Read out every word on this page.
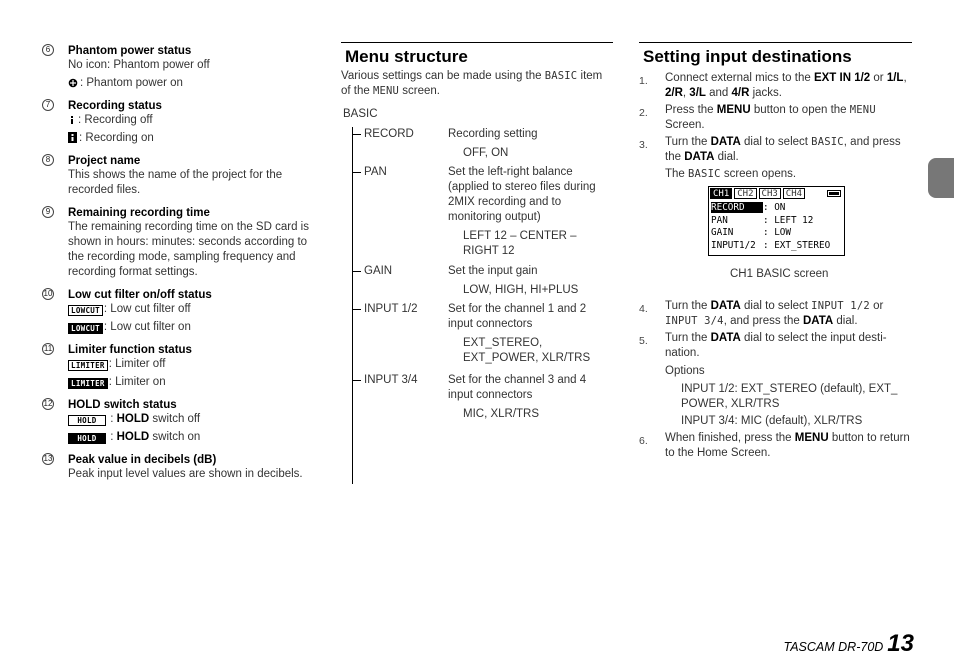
6	Phantom power status
No icon: Phantom power off
: Phantom power on
7	Recording status
: Recording off
: Recording on
8	Project name
This shows the name of the project for the recorded files.
9	Remaining recording time
The remaining recording time on the SD card is shown in hours: minutes: seconds according to the recording mode, sampling frequency and recording format settings.
10 Low cut filter on/off status
LOWCUT : Low cut filter off
LOWCUT : Low cut filter on
11 Limiter function status
LIMITER : Limiter off
LIMITER : Limiter on
12 HOLD switch status
HOLD : HOLD switch off
HOLD : HOLD switch on
13 Peak value in decibels (dB)
Peak input level values are shown in decibels.
Menu structure

Various settings can be made using the BASIC item of the MENU screen.

BASIC
RECORD	Recording setting
OFF, ON
PAN	Set the left-right balance (applied to stereo files during 2MIX recording and to monitoring output)
LEFT 12 – CENTER – RIGHT 12
GAIN	Set the input gain
LOW, HIGH, HI+PLUS
INPUT 1/2	Set for the channel 1 and 2 input connectors
EXT_STEREO, EXT_POWER, XLR/TRS
INPUT 3/4	Set for the channel 3 and 4 input connectors
MIC, XLR/TRS
Setting input destinations
1. Connect external mics to the EXT IN 1/2 or 1/L, 2/R, 3/L and 4/R jacks.
2. Press the MENU button to open the MENU Screen.
3. Turn the DATA dial to select BASIC, and press the DATA dial.
The BASIC screen opens.
4. Turn the DATA dial to select INPUT 1/2 or INPUT 3/4, and press the DATA dial.
5. Turn the DATA dial to select the input desti-nation.
Options
INPUT 1/2: EXT_STEREO (default), EXT_ POWER, XLR/TRS
INPUT 3/4: MIC (default), XLR/TRS
6. When finished, press the MENU button to return to the Home Screen.
CH1 CH2 CH3 CH4
RECORD : ON
PAN	: LEFT 12
GAIN	: LOW
INPUT1/2 : EXT_STEREO
CH1 BASIC screen
TASCAM DR-70D 13
